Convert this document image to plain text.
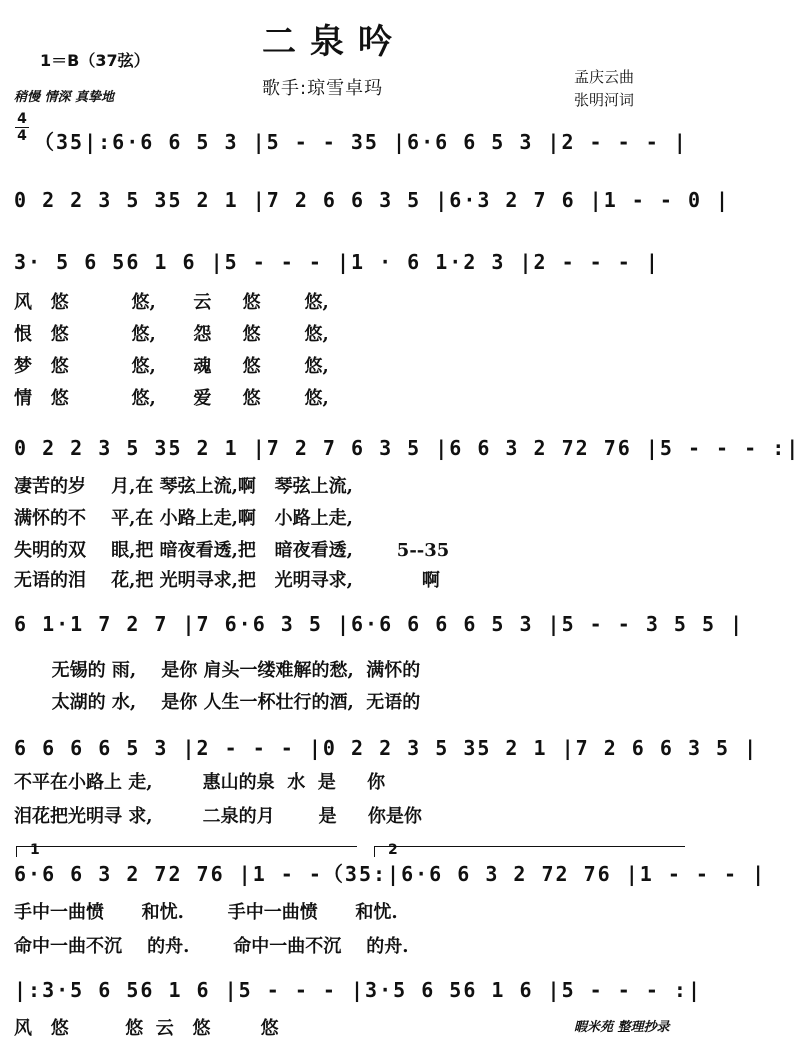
二泉吟
1＝B（37弦）
稍慢 情深 真挚地	歌手:琼雪卓玛
孟庆云曲
张明河词
4
4 （35|:6·6 6 5 3 |5 - - 35 |6·6 6 5 3 |2 - - - |
0 2 2 3 5 35 2 1 |7 2 6 6 3 5 |6·3 2 7 6 |1 - - 0 |
3· 5 6 56 1 6 |5 - - - |1 · 6 1·2 3 |2 - - - |
风   悠          悠,      云     悠       悠,
恨   悠          悠,      怨     悠       悠,
梦   悠          悠,      魂     悠       悠,
情   悠          悠,      爱     悠       悠,
0 2 2 3 5 35 2 1 |7 2 7 6 3 5 |6 6 3 2 72 76 |5 - - - :|
凄苦的岁    月,在 琴弦上流,啊   琴弦上流,
满怀的不    平,在 小路上走,啊   小路上走,
失明的双    眼,把 暗夜看透,把   暗夜看透,       5--35
无语的泪    花,把 光明寻求,把   光明寻求,           啊
6 1·1 7 2 7 |7 6·6 3 5 |6·6 6 6 6 5 3 |5 - - 3 5 5 |
无锡的 雨,    是你 肩头一缕难解的愁,  满怀的
太湖的 水,    是你 人生一杯壮行的酒,  无语的
6 6 6 6 5 3 |2 - - - |0 2 2 3 5 35 2 1 |7 2 6 6 3 5 |
不平在小路上 走,        惠山的泉  水  是     你
泪花把光明寻 求,        二泉的月       是     你是你
6·6 6 3 2 72 76 |1 - -（35:|6·6 6 3 2 72 76 |1 - - - |
1	2
手中一曲愤      和忧.       手中一曲愤      和忧.
命中一曲不沉    的舟.       命中一曲不沉    的舟.
|:3·5 6 56 1 6 |5 - - - |3·5 6 56 1 6 |5 - - - :|
风   悠         悠  云   悠        悠	暇米苑 整理抄录
